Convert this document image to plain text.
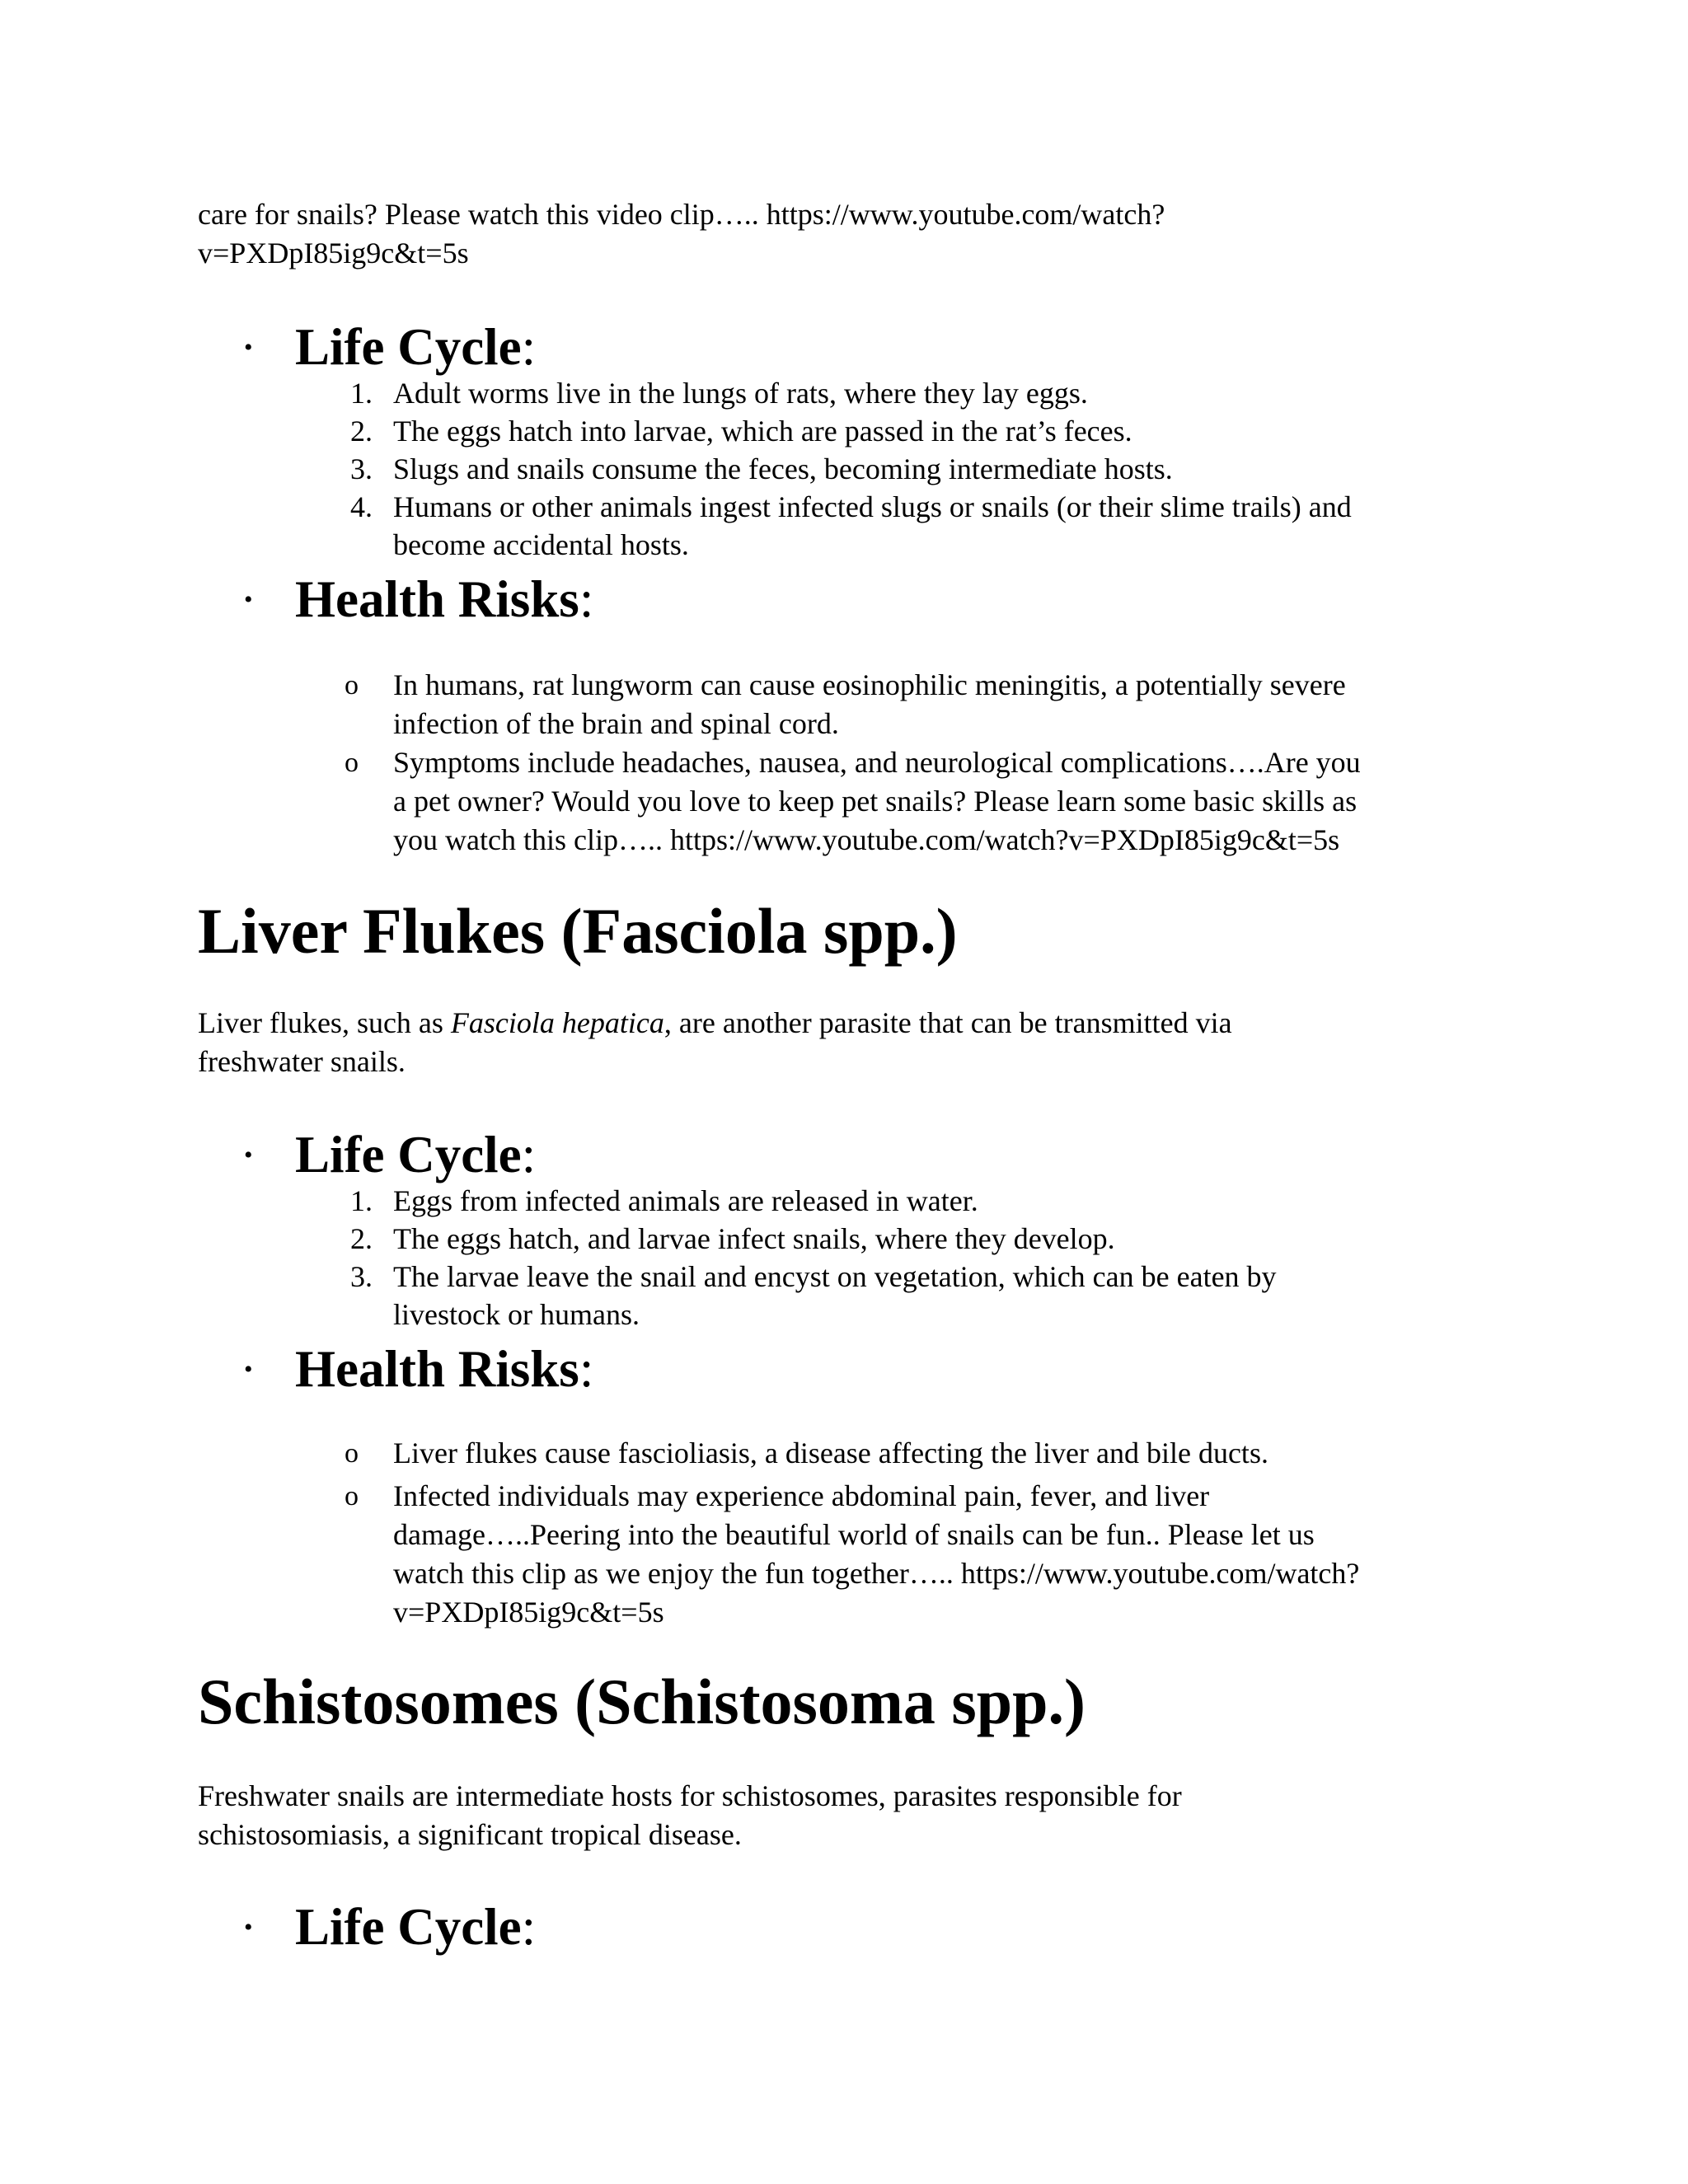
care for snails? Please watch this video clip….. https://www.youtube.com/watch?
v=PXDpI85ig9c&t=5s
• Life Cycle:
1. Adult worms live in the lungs of rats, where they lay eggs.
2. The eggs hatch into larvae, which are passed in the rat’s feces.
3. Slugs and snails consume the feces, becoming intermediate hosts.
4. Humans or other animals ingest infected slugs or snails (or their slime trails) and
become accidental hosts.
• Health Risks:
o In humans, rat lungworm can cause eosinophilic meningitis, a potentially severe
infection of the brain and spinal cord.
o Symptoms include headaches, nausea, and neurological complications….Are you
a pet owner? Would you love to keep pet snails? Please learn some basic skills as
you watch this clip….. https://www.youtube.com/watch?v=PXDpI85ig9c&t=5s
Liver Flukes (Fasciola spp.)
Liver flukes, such as Fasciola hepatica, are another parasite that can be transmitted via
freshwater snails.
• Life Cycle:
1. Eggs from infected animals are released in water.
2. The eggs hatch, and larvae infect snails, where they develop.
3. The larvae leave the snail and encyst on vegetation, which can be eaten by
livestock or humans.
• Health Risks:
o Liver flukes cause fascioliasis, a disease affecting the liver and bile ducts.
o Infected individuals may experience abdominal pain, fever, and liver
damage…..Peering into the beautiful world of snails can be fun.. Please let us
watch this clip as we enjoy the fun together….. https://www.youtube.com/watch?
v=PXDpI85ig9c&t=5s
Schistosomes (Schistosoma spp.)
Freshwater snails are intermediate hosts for schistosomes, parasites responsible for
schistosomiasis, a significant tropical disease.
• Life Cycle:
